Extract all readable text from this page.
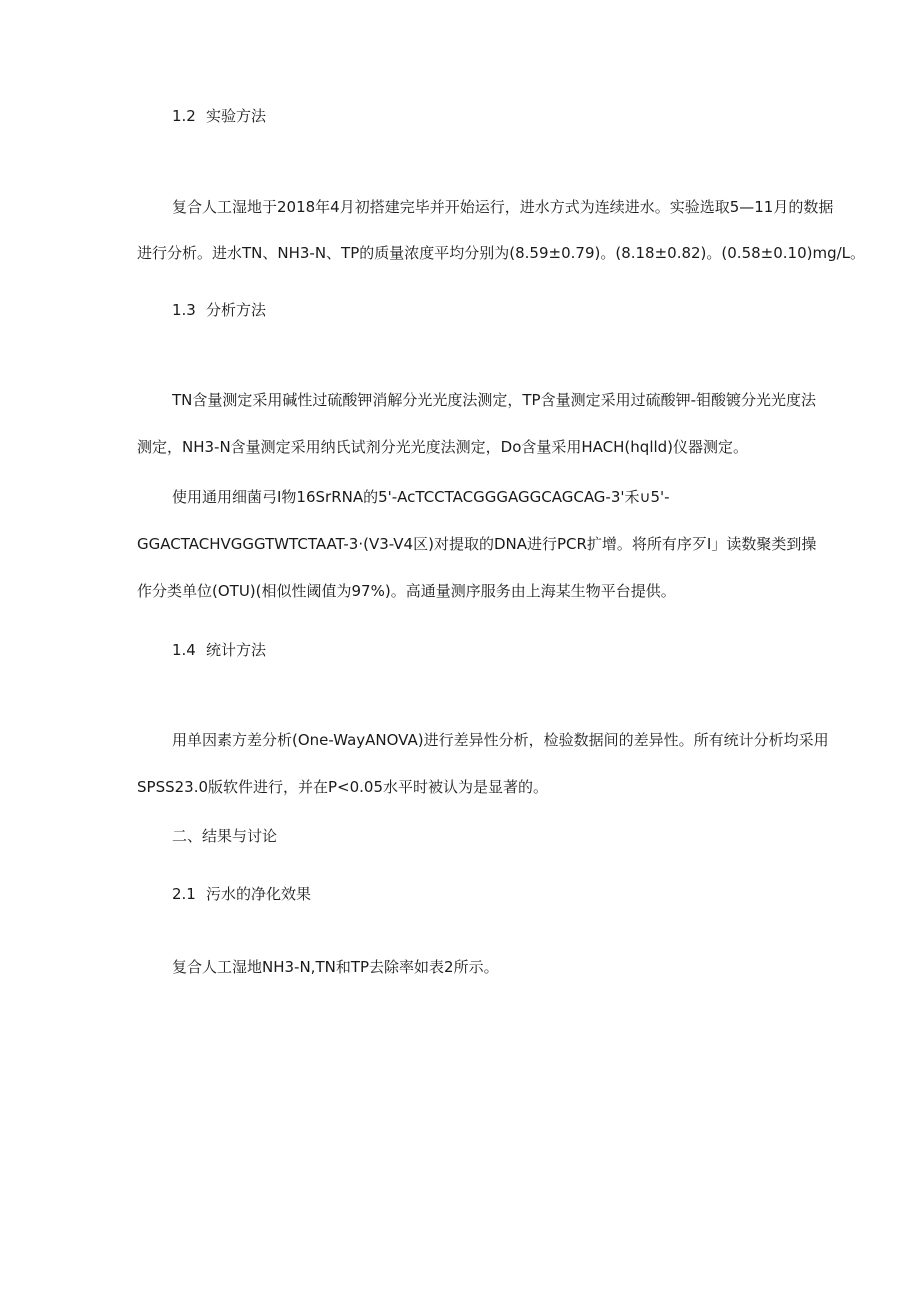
1.2 实验方法
复合人工湿地于2018年4月初搭建完毕并开始运行，进水方式为连续进水。实验选取5—11月的数据
进行分析。进水TN、NH3-N、TP的质量浓度平均分别为(8.59±0.79)。(8.18±0.82)。(0.58±0.10)mg/L。
1.3 分析方法
TN含量测定采用碱性过硫酸钾消解分光光度法测定，TP含量测定采用过硫酸钾-钼酸镀分光光度法
测定，NH3-N含量测定采用纳氏试剂分光光度法测定，Do含量采用HACH(hqlld)仪器测定。
使用通用细菌弓I物16SrRNA的5'-AcTCCTACGGGAGGCAGCAG-3'禾∪5'-
GGACTACHVGGGTWTCTAAT-3·(V3-V4区)对提取的DNA进行PCR扩增。将所有序歹I」读数聚类到操
作分类单位(OTU)(相似性阈值为97%)。高通量测序服务由上海某生物平台提供。
1.4 统计方法
用单因素方差分析(One-WayANOVA)进行差异性分析，检验数据间的差异性。所有统计分析均采用
SPSS23.0版软件进行，并在P<0.05水平时被认为是显著的。
二、结果与讨论
2.1 污水的净化效果
复合人工湿地NH3-N,TN和TP去除率如表2所示。
